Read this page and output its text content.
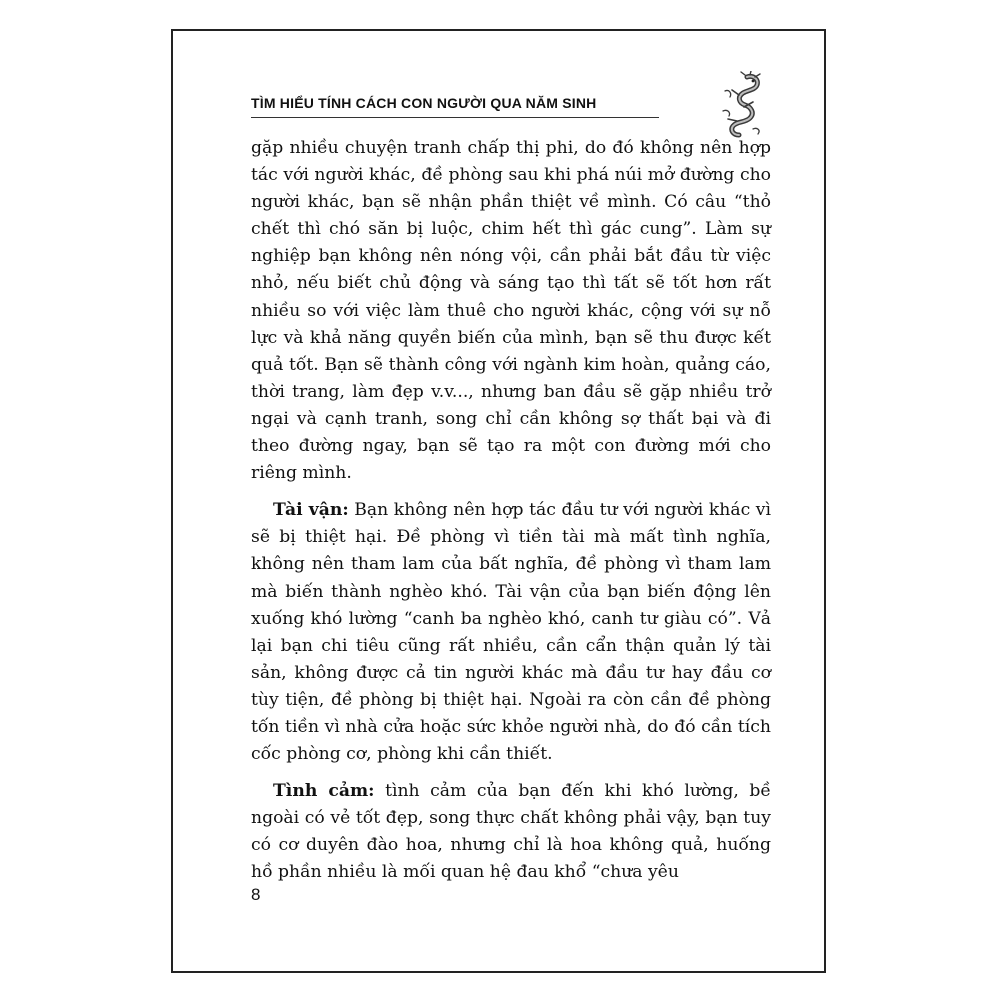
TÌM HIỂU TÍNH CÁCH CON NGƯỜI QUA NĂM SINH

gặp nhiều chuyện tranh chấp thị phi, do đó không nên hợp tác với người khác, đề phòng sau khi phá núi mở đường cho người khác, bạn sẽ nhận phần thiệt về mình. Có câu “thỏ chết thì chó săn bị luộc, chim hết thì gác cung”. Làm sự nghiệp bạn không nên nóng vội, cần phải bắt đầu từ việc nhỏ, nếu biết chủ động và sáng tạo thì tất sẽ tốt hơn rất nhiều so với việc làm thuê cho người khác, cộng với sự nỗ lực và khả năng quyền biến của mình, bạn sẽ thu được kết quả tốt. Bạn sẽ thành công với ngành kim hoàn, quảng cáo, thời trang, làm đẹp v.v..., nhưng ban đầu sẽ gặp nhiều trở ngại và cạnh tranh, song chỉ cần không sợ thất bại và đi theo đường ngay, bạn sẽ tạo ra một con đường mới cho riêng mình.

Tài vận: Bạn không nên hợp tác đầu tư với người khác vì sẽ bị thiệt hại. Đề phòng vì tiền tài mà mất tình nghĩa, không nên tham lam của bất nghĩa, đề phòng vì tham lam mà biến thành nghèo khó. Tài vận của bạn biến động lên xuống khó lường “canh ba nghèo khó, canh tư giàu có”. Vả lại bạn chi tiêu cũng rất nhiều, cần cẩn thận quản lý tài sản, không được cả tin người khác mà đầu tư hay đầu cơ tùy tiện, đề phòng bị thiệt hại. Ngoài ra còn cần đề phòng tốn tiền vì nhà cửa hoặc sức khỏe người nhà, do đó cần tích cốc phòng cơ, phòng khi cần thiết.

Tình cảm: tình cảm của bạn đến khi khó lường, bề ngoài có vẻ tốt đẹp, song thực chất không phải vậy, bạn tuy có cơ duyên đào hoa, nhưng chỉ là hoa không quả, huống hồ phần nhiều là mối quan hệ đau khổ “chưa yêu

8
